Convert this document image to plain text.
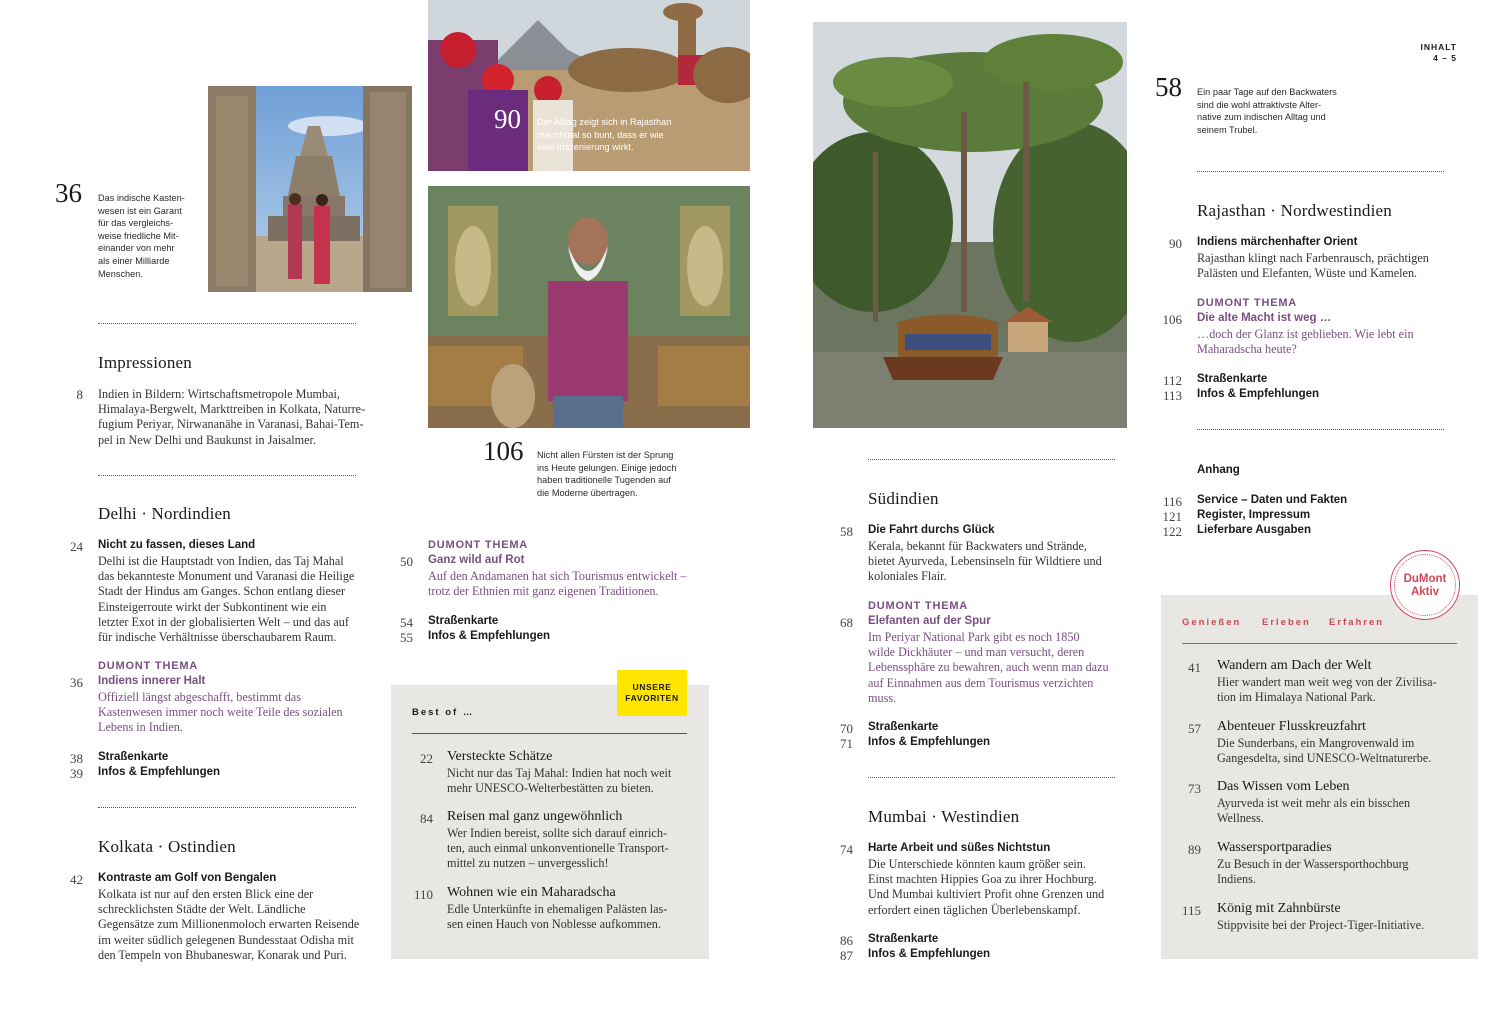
36 Das indische Kasten-
wesen ist ein Garant
für das vergleichs-
weise friedliche Mit-
einander von mehr
als einer Milliarde
Menschen.
90 Der Alltag zeigt sich in Rajasthan
manchmal so bunt, dass er wie
eine Inszenierung wirkt.
106 Nicht allen Fürsten ist der Sprung
ins Heute gelungen. Einige jedoch
haben traditionelle Tugenden auf
die Moderne übertragen.
58 Ein paar Tage auf den Backwaters
sind die wohl attraktivste Alter-
native zum indischen Alltag und
seinem Trubel.
INHALT
4 – 5
Impressionen
8 Indien in Bildern: Wirtschaftsmetropole Mumbai,
Himalaya-Bergwelt, Markttreiben in Kolkata, Naturre-
fugium Periyar, Nirwananähe in Varanasi, Bahai-Tem-
pel in New Delhi und Baukunst in Jaisalmer.
Delhi · Nordindien
24 Nicht zu fassen, dieses Land
Delhi ist die Hauptstadt von Indien, das Taj Mahal
das bekannteste Monument und Varanasi die Heilige
Stadt der Hindus am Ganges. Schon entlang dieser
Einsteigerroute wirkt der Subkontinent wie ein
letzter Exot in der globalisierten Welt – und das auf
für indische Verhältnisse überschaubarem Raum.
DUMONT THEMA
36 Indiens innerer Halt
Offiziell längst abgeschafft, bestimmt das
Kastenwesen immer noch weite Teile des sozialen
Lebens in Indien.
38 Straßenkarte
39 Infos & Empfehlungen
Kolkata · Ostindien
42 Kontraste am Golf von Bengalen
Kolkata ist nur auf den ersten Blick eine der
schrecklichsten Städte der Welt. Ländliche
Gegensätze zum Millionenmoloch erwarten Reisende
im weiter südlich gelegenen Bundesstaat Odisha mit
den Tempeln von Bhubaneswar, Konarak und Puri.
DUMONT THEMA
50 Ganz wild auf Rot
Auf den Andamanen hat sich Tourismus entwickelt –
trotz der Ethnien mit ganz eigenen Traditionen.
54 Straßenkarte
55 Infos & Empfehlungen
UNSERE
FAVORITEN
Best of …
22 Versteckte Schätze
Nicht nur das Taj Mahal: Indien hat noch weit
mehr UNESCO-Welterbestätten zu bieten.
84 Reisen mal ganz ungewöhnlich
Wer Indien bereist, sollte sich darauf einrich-
ten, auch einmal unkonventionelle Transport-
mittel zu nutzen – unvergesslich!
110 Wohnen wie ein Maharadscha
Edle Unterkünfte in ehemaligen Palästen las-
sen einen Hauch von Noblesse aufkommen.
Südindien
58 Die Fahrt durchs Glück
Kerala, bekannt für Backwaters und Strände,
bietet Ayurveda, Lebensinseln für Wildtiere und
koloniales Flair.
DUMONT THEMA
68 Elefanten auf der Spur
Im Periyar National Park gibt es noch 1850
wilde Dickhäuter – und man versucht, deren
Lebenssphäre zu bewahren, auch wenn man dazu
auf Einnahmen aus dem Tourismus verzichten
muss.
70 Straßenkarte
71 Infos & Empfehlungen
Mumbai · Westindien
74 Harte Arbeit und süßes Nichtstun
Die Unterschiede könnten kaum größer sein.
Einst machten Hippies Goa zu ihrer Hochburg.
Und Mumbai kultiviert Profit ohne Grenzen und
erfordert einen täglichen Überlebenskampf.
86 Straßenkarte
87 Infos & Empfehlungen
Rajasthan · Nordwestindien
90 Indiens märchenhafter Orient
Rajasthan klingt nach Farbenrausch, prächtigen
Palästen und Elefanten, Wüste und Kamelen.
DUMONT THEMA
106 Die alte Macht ist weg …
…doch der Glanz ist geblieben. Wie lebt ein
Maharadscha heute?
112 Straßenkarte
113 Infos & Empfehlungen
Anhang
116 Service – Daten und Fakten
121 Register, Impressum
122 Lieferbare Ausgaben
DuMont
Aktiv
Genießen Erleben Erfahren
41 Wandern am Dach der Welt
Hier wandert man weit weg von der Zivilisa-
tion im Himalaya National Park.
57 Abenteuer Flusskreuzfahrt
Die Sunderbans, ein Mangrovenwald im
Gangesdelta, sind UNESCO-Weltnaturerbe.
73 Das Wissen vom Leben
Ayurveda ist weit mehr als ein bisschen
Wellness.
89 Wassersportparadies
Zu Besuch in der Wassersporthochburg
Indiens.
115 König mit Zahnbürste
Stippvisite bei der Project-Tiger-Initiative.
